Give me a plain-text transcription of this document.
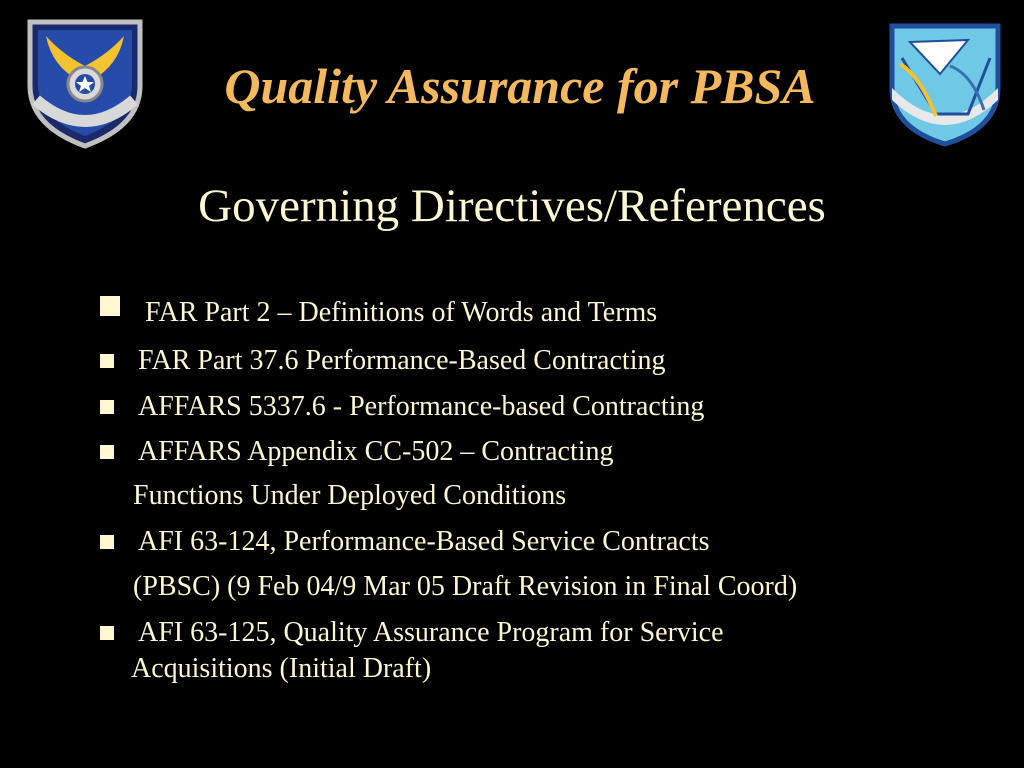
Quality Assurance for PBSA
Governing Directives/References
FAR Part 2 – Definitions of Words and Terms
FAR Part 37.6 Performance-Based Contracting
AFFARS 5337.6 - Performance-based Contracting
AFFARS Appendix CC-502 – Contracting
Functions Under Deployed Conditions
AFI 63-124, Performance-Based Service Contracts
(PBSC) (9 Feb 04/9 Mar 05 Draft Revision in Final Coord)
AFI 63-125, Quality Assurance Program for Service
Acquisitions (Initial Draft)
